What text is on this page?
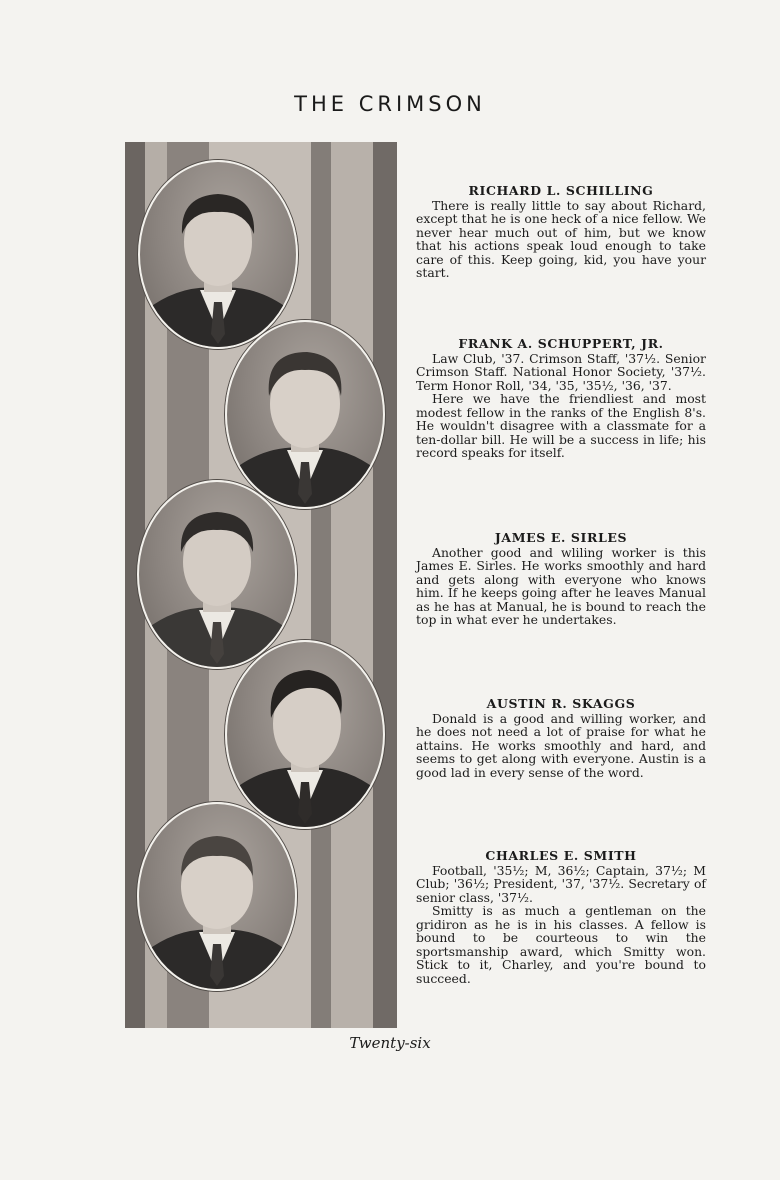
THE CRIMSON
RICHARD L. SCHILLING

There is really little to say about Richard, except that he is one heck of a nice fellow. We never hear much out of him, but we know that his actions speak loud enough to take care of this. Keep going, kid, you have your start.

FRANK A. SCHUPPERT, JR.

Law Club, '37. Crimson Staff, '37½. Senior Crimson Staff. National Honor Society, '37½. Term Honor Roll, '34, '35, '35½, '36, '37.

Here we have the friendliest and most modest fellow in the ranks of the English 8's. He wouldn't disagree with a classmate for a ten-dollar bill. He will be a success in life; his record speaks for itself.

JAMES E. SIRLES

Another good and wliling worker is this James E. Sirles. He works smoothly and hard and gets along with everyone who knows him. If he keeps going after he leaves Manual as he has at Manual, he is bound to reach the top in what ever he undertakes.

AUSTIN R. SKAGGS

Donald is a good and willing worker, and he does not need a lot of praise for what he attains. He works smoothly and hard, and seems to get along with everyone. Austin is a good lad in every sense of the word.

CHARLES E. SMITH

Football, '35½; M, 36½; Captain, 37½; M Club; '36½; President, '37, '37½. Secretary of senior class, '37½.

Smitty is as much a gentleman on the gridiron as he is in his classes. A fellow is bound to be courteous to win the sportsmanship award, which Smitty won. Stick to it, Charley, and you're bound to succeed.

Twenty-six
